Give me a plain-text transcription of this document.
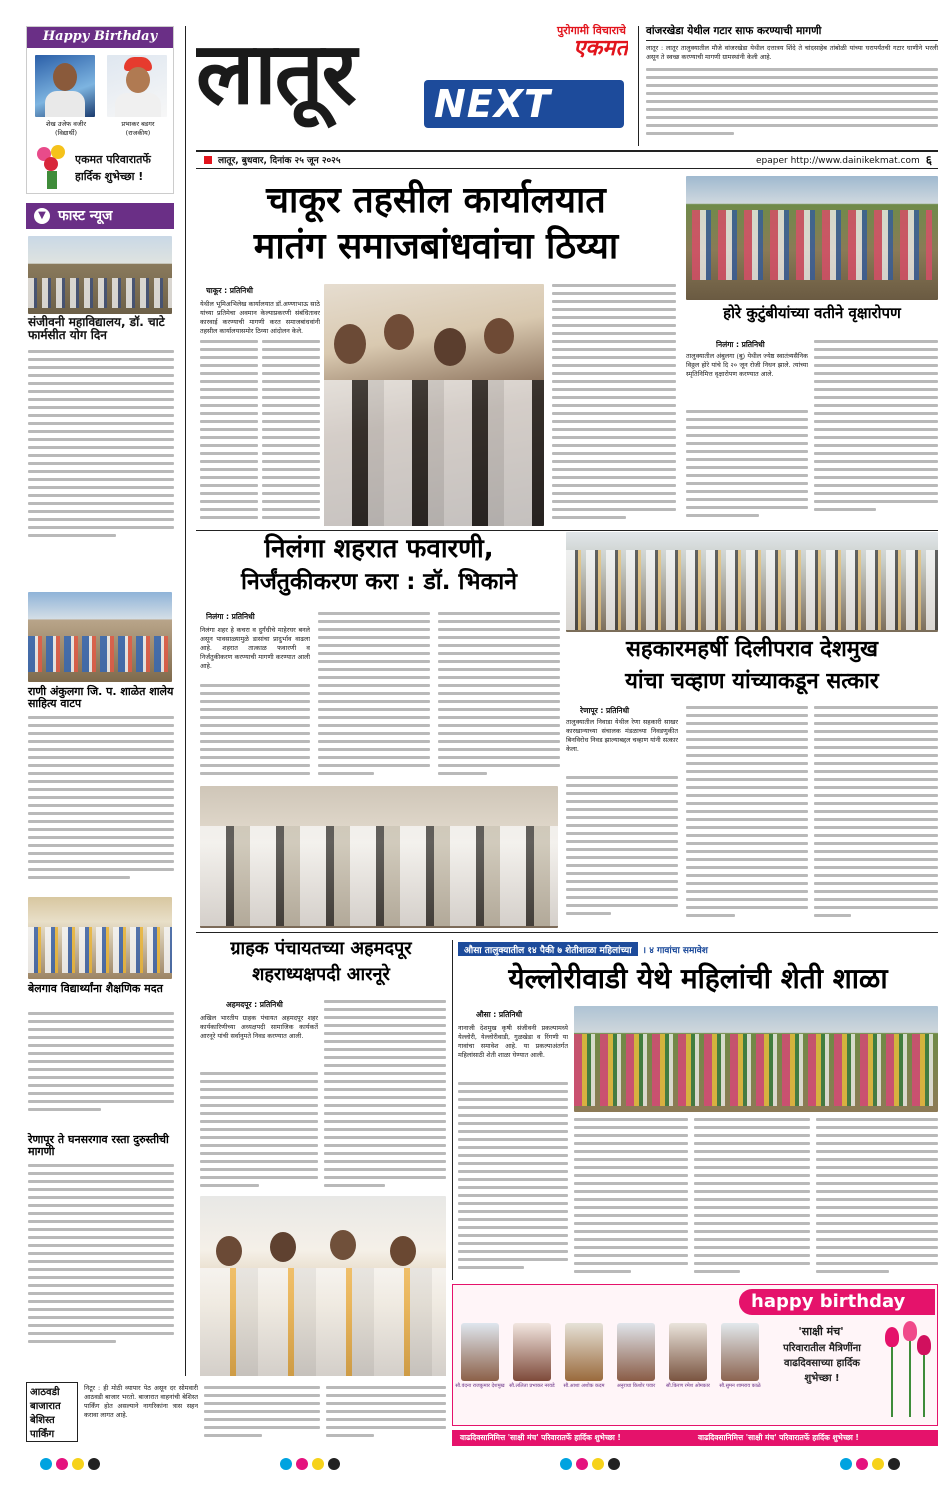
Happy Birthday
शेख उजेफ वजीर
(विद्यार्थी)
प्रभाकर बडगर
(राजकीय)
एकमत परिवारातर्फे हार्दिक शुभेच्छा !
▼ फास्ट न्यूज
संजीवनी महाविद्यालय, डॉ. चाटे फार्मसीत योग दिन
राणी अंकुलगा जि. प. शाळेत शालेय साहित्य वाटप
बेलगाव विद्यार्थ्यांना शैक्षणिक मदत
रेणापूर ते घनसरगाव रस्ता दुरुस्तीची मागणी
लातूर	पुरोगामी विचाराचे
एकमत
NEXT
लातूर, बुधवार, दिनांक २५ जून २०२५	epaper http://www.dainikekmat.com ६
वांजरखेडा येथील गटार साफ करण्याची मागणी
लातूर : लातूर तालुक्यातील मौजे वांजरखेडा येथील दत्तात्रय शिंदे ते चांदसाहेब तांबोळी यांच्या घरापर्यंतची गटार घाणीने भरली असून ते स्वच्छ करण्याची मागणी ग्रामस्थांनी केली आहे.
चाकूर तहसील कार्यालयात
मातंग समाजबांधवांचा ठिय्या
चाकूर : प्रतिनिधी
येथील भूमिअभिलेख कार्यालयात डॉ.अण्णाभाऊ साठे यांच्या प्रतिमेचा अवमान केल्याप्रकरणी संबंधितावर कारवाई करण्याची मागणी करत समाजबांधवांनी तहसील कार्यालयासमोर ठिय्या आंदोलन केले.
होरे कुटुंबीयांच्या वतीने वृक्षारोपण
निलंगा : प्रतिनिधी
तालुक्यातील अंबुलगा (बु) येथील ज्येष्ठ स्वातंत्र्यसैनिक विठ्ठल होरे यांचे दि २० जून रोजी निधन झाले. त्यांच्या स्मृतिनिमित्त वृक्षारोपण करण्यात आले.
निलंगा शहरात फवारणी,
निर्जंतुकीकरण करा : डॉ. भिकाने
निलंगा : प्रतिनिधी
निलंगा शहर हे कचरा व दुर्गंधीचे माहेरघर बनले असून पावसाळ्यामुळे डासांचा प्रादुर्भाव वाढला आहे. शहरात तात्काळ फवारणी व निर्जंतुकीकरण करण्याची मागणी करण्यात आली आहे.
सहकारमहर्षी दिलीपराव देशमुख
यांचा चव्हाण यांच्याकडून सत्कार
रेणापूर : प्रतिनिधी
तालुक्यातील निवाडा येथील रेणा सहकारी साखर कारखान्याच्या संचालक मंडळाच्या निवडणुकीत बिनविरोध निवड झाल्याबद्दल चव्हाण यांनी सत्कार केला.
ग्राहक पंचायतच्या अहमदपूर
शहराध्यक्षपदी आरनूरे
अहमदपूर : प्रतिनिधी
अखिल भारतीय ग्राहक पंचायत अहमदपूर शहर कार्यकारिणीच्या अध्यक्षपदी सामाजिक कार्यकर्ते आरनूरे यांची सर्वानुमते निवड करण्यात आली.
औसा तालुक्यातील १४ पैकी ७ शेतीशाळा महिलांच्या । ४ गावांचा समावेश
येल्लोरीवाडी येथे महिलांची शेती शाळा
औसा : प्रतिनिधी
नानाजी देशमुख कृषी संजीवनी प्रकल्पामध्ये येल्लोरी, येल्लोरीवाडी, गुळखेडा व रिंगणी या गावांचा समावेश आहे. या प्रकल्पाअंतर्गत महिलांसाठी शेती शाळा घेण्यात आली.
happy birthday
सौ.वंदना राजकुमार देशमुख सौ.ललिता प्रभाकर नरवडे	सौ.आशा अशोक कदम	अनुराधा किशोर पवार	सौ.किरण रमेश ओमकार	सौ.सुमन शामराव काळे
'साक्षी मंच'
परिवारातील मैत्रिणींना वाढदिवसाच्या हार्दिक शुभेच्छा !
आठवडी बाजारात बेशिस्त पार्किंग
निटूर : ही मोठी व्यापार पेठ असून दर सोमवारी आठवडी बाजार भरतो. बाजारात वाहनांची बेशिस्त पार्किंग होत असल्याने नागरिकांना त्रास सहन करावा लागत आहे.
वाढदिवसानिमित्त 'साक्षी मंच' परिवारातर्फे हार्दिक शुभेच्छा !	वाढदिवसानिमित्त 'साक्षी मंच' परिवारातर्फे हार्दिक शुभेच्छा !
